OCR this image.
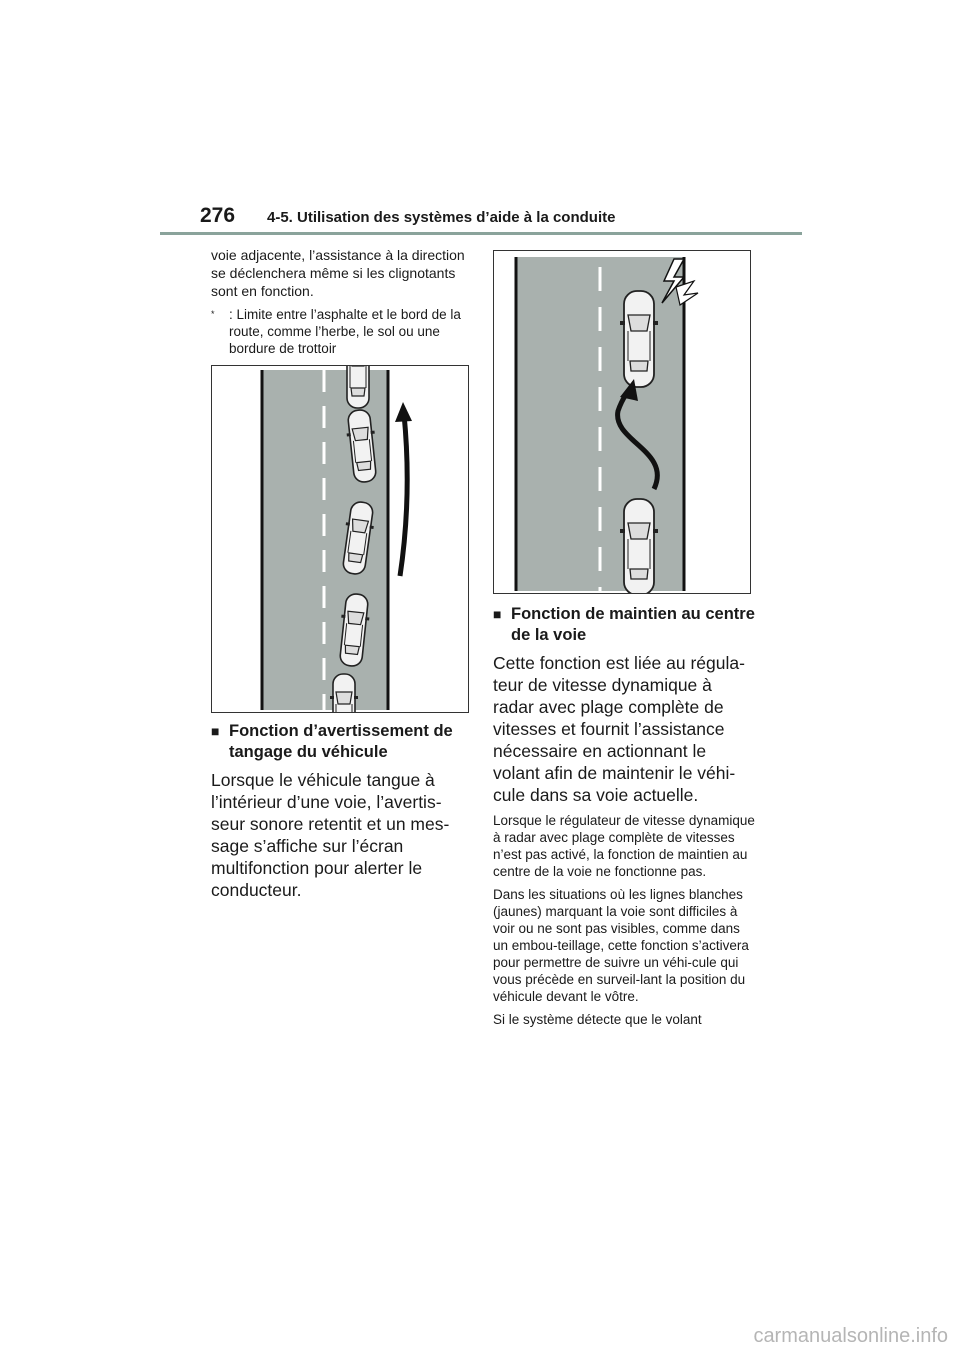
276 4-5. Utilisation des systèmes d’aide à la conduite

voie adjacente, l’assistance à la direction se déclenchera même si les clignotants sont en fonction.

*	: Limite entre l’asphalte et le bord de la route, comme l’herbe, le sol ou une bordure de trottoir
■ Fonction d’avertissement de tangage du véhicule

Lorsque le véhicule tangue à l’intérieur d’une voie, l’avertis-seur sonore retentit et un mes-sage s’affiche sur l’écran multifonction pour alerter le conducteur.

■ Fonction de maintien au centre de la voie

Cette fonction est liée au régula-teur de vitesse dynamique à radar avec plage complète de vitesses et fournit l’assistance nécessaire en actionnant le volant afin de maintenir le véhi-cule dans sa voie actuelle.

Lorsque le régulateur de vitesse dynamique à radar avec plage complète de vitesses n’est pas activé, la fonction de maintien au centre de la voie ne fonctionne pas.

Dans les situations où les lignes blanches (jaunes) marquant la voie sont difficiles à voir ou ne sont pas visibles, comme dans un embou-teillage, cette fonction s’activera pour permettre de suivre un véhi-cule qui vous précède en surveil-lant la position du véhicule devant le vôtre.

Si le système détecte que le volant

carmanualsonline.info
